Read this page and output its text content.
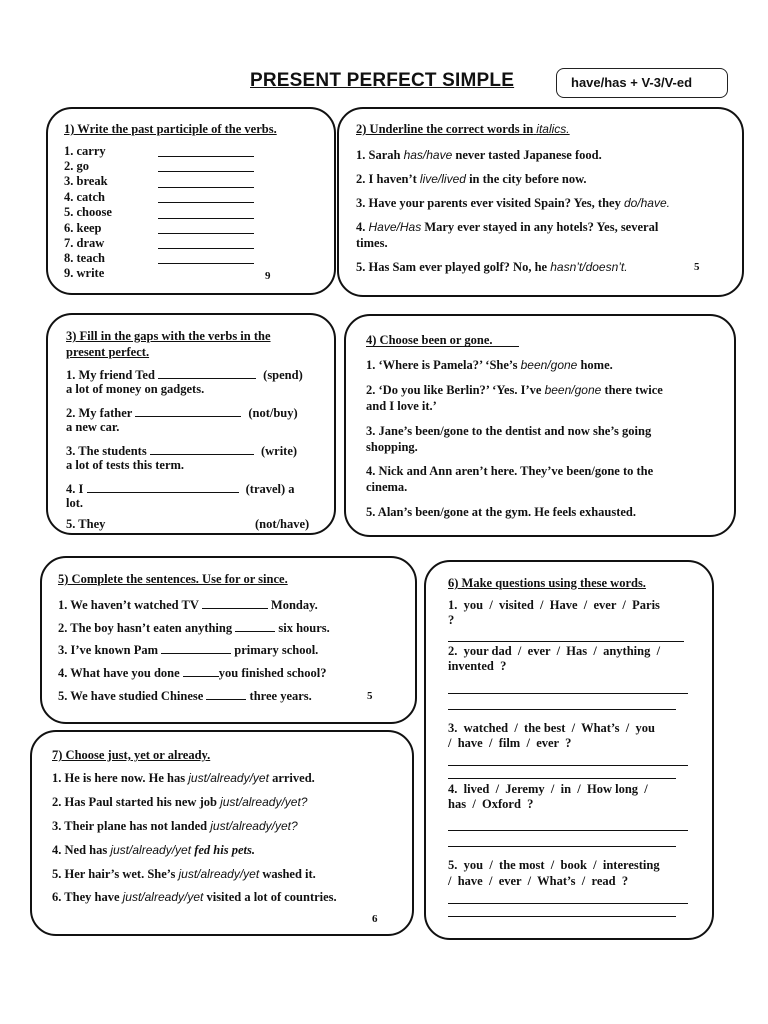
PRESENT PERFECT SIMPLE	have/has + V-3/V-ed
1) Write the past participle of the verbs.
1. carry
2. go
3. break
4. catch
5. choose
6. keep
7. draw
8. teach
9. write	9
2) Underline the correct words in italics.
1. Sarah has/have never tasted Japanese food.
2. I haven’t live/lived in the city before now.
3. Have your parents ever visited Spain? Yes, they do/have.
4. Have/Has Mary ever stayed in any hotels? Yes, several
times.
5. Has Sam ever played golf? No, he hasn’t/doesn’t.	5
3) Fill in the gaps with the verbs in the
present perfect.
1. My friend Ted	(spend)
a lot of money on gadgets.
2. My father	(not/buy)
a new car.
3. The students	(write)
a lot of tests this term.
4. I	(travel) a
lot.
5. They	(not/have)
4) Choose been or gone.
1. ‘Where is Pamela?’ ‘She’s been/gone home.
2. ‘Do you like Berlin?’ ‘Yes. I’ve been/gone there twice
and I love it.’
3. Jane’s been/gone to the dentist and now she’s going
shopping.
4. Nick and Ann aren’t here. They’ve been/gone to the
cinema.
5. Alan’s been/gone at the gym. He feels exhausted.
5) Complete the sentences. Use for or since.
1. We haven’t watched TV	Monday.
2. The boy hasn’t eaten anything	six hours.
3. I’ve known Pam	primary school.
4. What have you done	you finished school?
5. We have studied Chinese	three years.	5
6) Make questions using these words.
1.  you  /  visited  /  Have  /  ever  /  Paris
?
2.  your dad  /  ever  /  Has  /  anything  /
invented  ?
3.  watched  /  the best  /  What’s  /  you
/  have  /  film  /  ever  ?
4.  lived  /  Jeremy  /  in  /  How long  /
has  /  Oxford  ?
5.  you  /  the most  /  book  /  interesting
/  have  /  ever  /  What’s  /  read  ?
7) Choose just, yet or already.
1. He is here now. He has just/already/yet arrived.
2. Has Paul started his new job just/already/yet?
3. Their plane has not landed just/already/yet?
4. Ned has just/already/yet fed his pets.
5. Her hair’s wet. She’s just/already/yet washed it.
6. They have just/already/yet visited a lot of countries.
6
